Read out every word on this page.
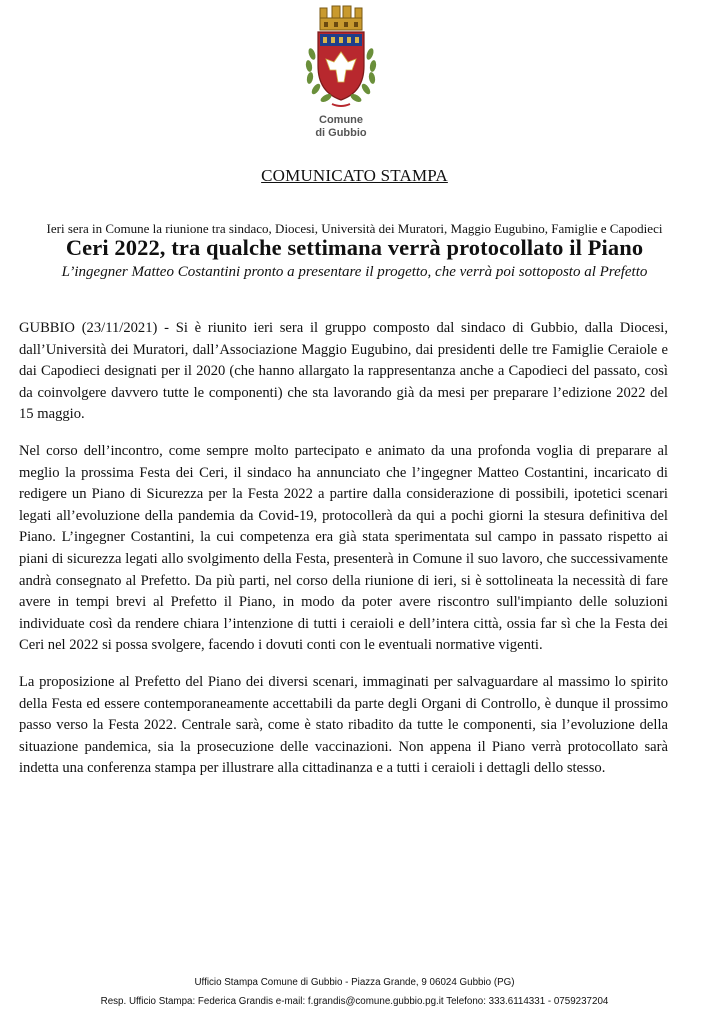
Comune
di Gubbio
COMUNICATO STAMPA
Ieri sera in Comune la riunione tra sindaco, Diocesi, Università dei Muratori, Maggio Eugubino, Famiglie e Capodieci
Ceri 2022, tra qualche settimana verrà protocollato il Piano
L’ingegner Matteo Costantini pronto a presentare il progetto, che verrà poi sottoposto al Prefetto

GUBBIO (23/11/2021) - Si è riunito ieri sera il gruppo composto dal sindaco di Gubbio, dalla Diocesi, dall’Università dei Muratori, dall’Associazione Maggio Eugubino, dai presidenti delle tre Famiglie Ceraiole e dai Capodieci designati per il 2020 (che hanno allargato la rappresentanza anche a Capodieci del passato, così da coinvolgere davvero tutte le componenti) che sta lavorando già da mesi per preparare l’edizione 2022 del 15 maggio.

Nel corso dell’incontro, come sempre molto partecipato e animato da una profonda voglia di preparare al meglio la prossima Festa dei Ceri, il sindaco ha annunciato che l’ingegner Matteo Costantini, incaricato di redigere un Piano di Sicurezza per la Festa 2022 a partire dalla considerazione di possibili, ipotetici scenari legati all’evoluzione della pandemia da Covid-19, protocollerà da qui a pochi giorni la stesura definitiva del Piano. L’ingegner Costantini, la cui competenza era già stata sperimentata sul campo in passato rispetto ai piani di sicurezza legati allo svolgimento della Festa, presenterà in Comune il suo lavoro, che successivamente andrà consegnato al Prefetto. Da più parti, nel corso della riunione di ieri, si è sottolineata la necessità di fare avere in tempi brevi al Prefetto il Piano, in modo da poter avere riscontro sull'impianto delle soluzioni individuate così da rendere chiara l’intenzione di tutti i ceraioli e dell’intera città, ossia far sì che la Festa dei Ceri nel 2022 si possa svolgere, facendo i dovuti conti con le eventuali normative vigenti.

La proposizione al Prefetto del Piano dei diversi scenari, immaginati per salvaguardare al massimo lo spirito della Festa ed essere contemporaneamente accettabili da parte degli Organi di Controllo, è dunque il prossimo passo verso la Festa 2022. Centrale sarà, come è stato ribadito da tutte le componenti, sia l’evoluzione della situazione pandemica, sia la prosecuzione delle vaccinazioni. Non appena il Piano verrà protocollato sarà indetta una conferenza stampa per illustrare alla cittadinanza e a tutti i ceraioli i dettagli dello stesso.

Ufficio Stampa Comune di Gubbio - Piazza Grande, 9 06024 Gubbio (PG)
Resp. Ufficio Stampa: Federica Grandis e-mail: f.grandis@comune.gubbio.pg.it Telefono: 333.6114331 - 0759237204
